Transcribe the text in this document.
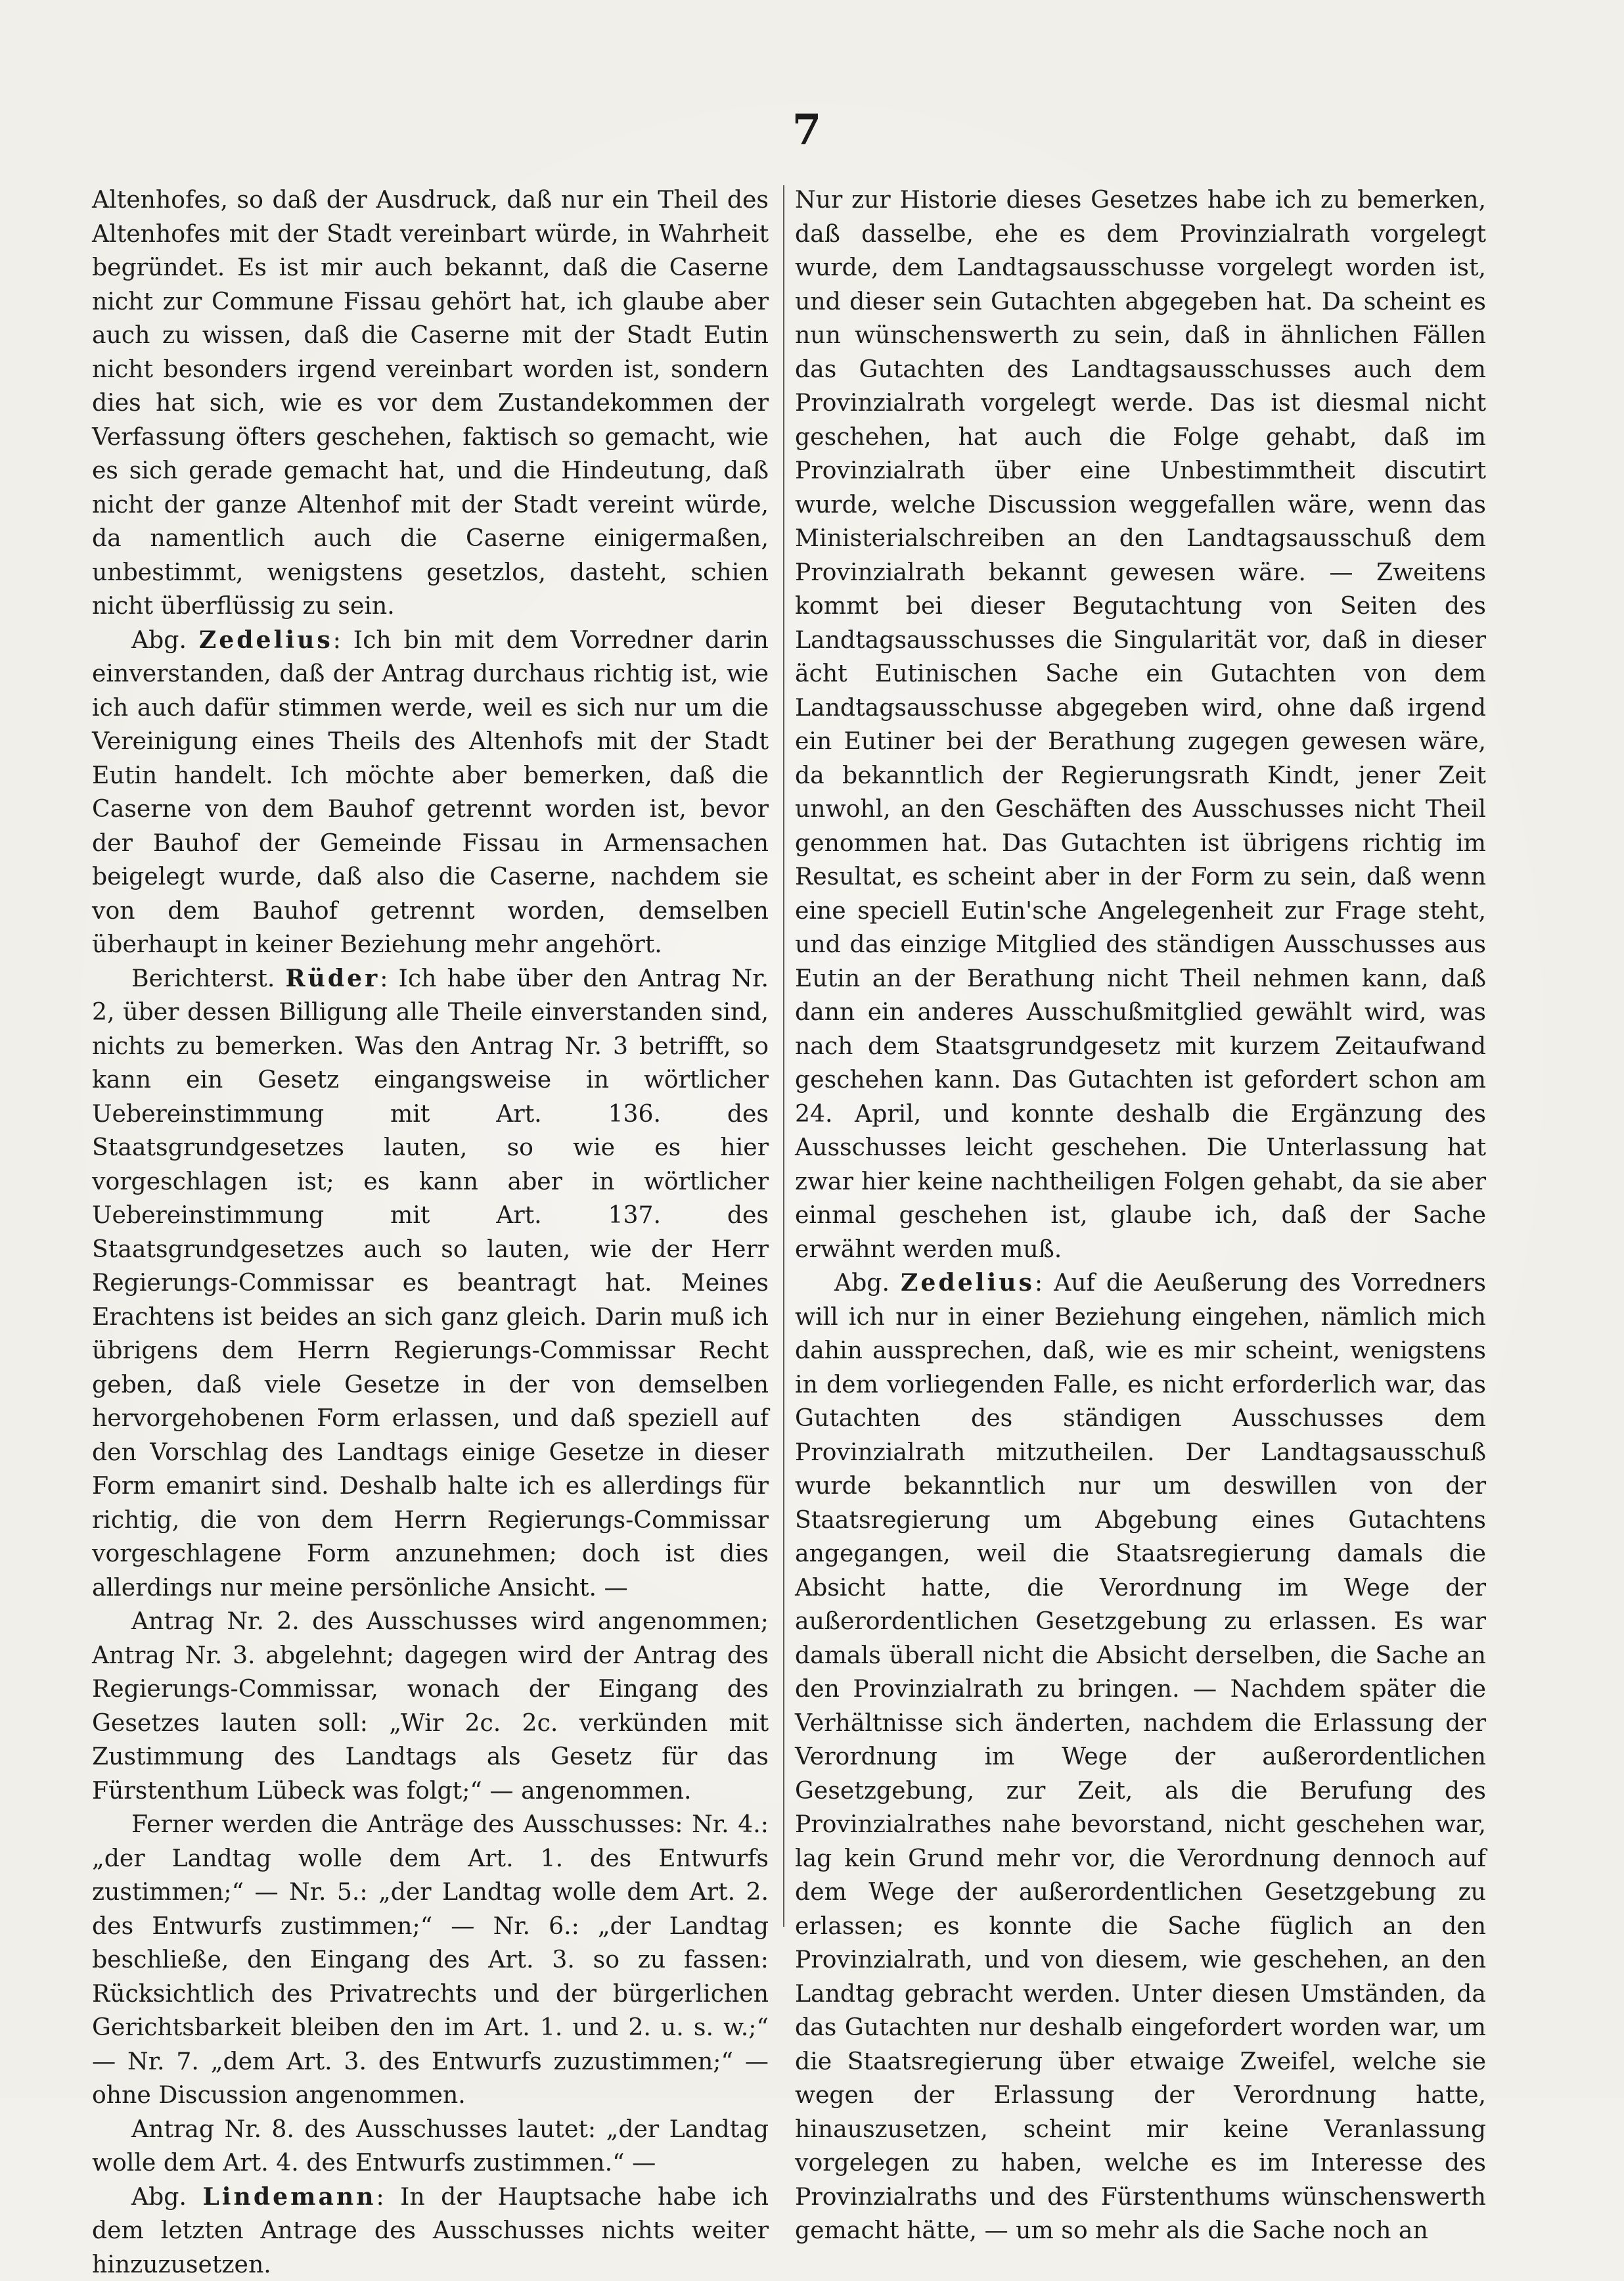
7

Altenhofes, so daß der Ausdruck, daß nur ein Theil des Altenhofes mit der Stadt vereinbart würde, in Wahrheit begründet. Es ist mir auch bekannt, daß die Caserne nicht zur Commune Fissau gehört hat, ich glaube aber auch zu wissen, daß die Caserne mit der Stadt Eutin nicht besonders irgend vereinbart worden ist, sondern dies hat sich, wie es vor dem Zustandekommen der Verfassung öfters geschehen, faktisch so gemacht, wie es sich gerade gemacht hat, und die Hindeutung, daß nicht der ganze Altenhof mit der Stadt vereint würde, da namentlich auch die Caserne einigermaßen, unbestimmt, wenigstens gesetzlos, dasteht, schien nicht überflüssig zu sein.

Abg. Zedelius: Ich bin mit dem Vorredner darin einverstanden, daß der Antrag durchaus richtig ist, wie ich auch dafür stimmen werde, weil es sich nur um die Vereinigung eines Theils des Altenhofs mit der Stadt Eutin handelt. Ich möchte aber bemerken, daß die Caserne von dem Bauhof getrennt worden ist, bevor der Bauhof der Gemeinde Fissau in Armensachen beigelegt wurde, daß also die Caserne, nachdem sie von dem Bauhof getrennt worden, demselben überhaupt in keiner Beziehung mehr angehört.

Berichterst. Rüder: Ich habe über den Antrag Nr. 2, über dessen Billigung alle Theile einverstanden sind, nichts zu bemerken. Was den Antrag Nr. 3 betrifft, so kann ein Gesetz eingangsweise in wörtlicher Uebereinstimmung mit Art. 136. des Staatsgrundgesetzes lauten, so wie es hier vorgeschlagen ist; es kann aber in wörtlicher Uebereinstimmung mit Art. 137. des Staatsgrundgesetzes auch so lauten, wie der Herr Regierungs-Commissar es beantragt hat. Meines Erachtens ist beides an sich ganz gleich. Darin muß ich übrigens dem Herrn Regierungs-Commissar Recht geben, daß viele Gesetze in der von demselben hervorgehobenen Form erlassen, und daß speziell auf den Vorschlag des Landtags einige Gesetze in dieser Form emanirt sind. Deshalb halte ich es allerdings für richtig, die von dem Herrn Regierungs-Commissar vorgeschlagene Form anzunehmen; doch ist dies allerdings nur meine persönliche Ansicht. —

Antrag Nr. 2. des Ausschusses wird angenommen; Antrag Nr. 3. abgelehnt; dagegen wird der Antrag des Regierungs-Commissar, wonach der Eingang des Gesetzes lauten soll: „Wir 2c. 2c. verkünden mit Zustimmung des Landtags als Gesetz für das Fürstenthum Lübeck was folgt;“ — angenommen.

Ferner werden die Anträge des Ausschusses: Nr. 4.: „der Landtag wolle dem Art. 1. des Entwurfs zustimmen;“ — Nr. 5.: „der Landtag wolle dem Art. 2. des Entwurfs zustimmen;“ — Nr. 6.: „der Landtag beschließe, den Eingang des Art. 3. so zu fassen: Rücksichtlich des Privatrechts und der bürgerlichen Gerichtsbarkeit bleiben den im Art. 1. und 2. u. s. w.;“ — Nr. 7. „dem Art. 3. des Entwurfs zuzustimmen;“ — ohne Discussion angenommen.

Antrag Nr. 8. des Ausschusses lautet: „der Landtag wolle dem Art. 4. des Entwurfs zustimmen.“ —

Abg. Lindemann: In der Hauptsache habe ich dem letzten Antrage des Ausschusses nichts weiter hinzuzusetzen.

Nur zur Historie dieses Gesetzes habe ich zu bemerken, daß dasselbe, ehe es dem Provinzialrath vorgelegt wurde, dem Landtagsausschusse vorgelegt worden ist, und dieser sein Gutachten abgegeben hat. Da scheint es nun wünschenswerth zu sein, daß in ähnlichen Fällen das Gutachten des Landtagsausschusses auch dem Provinzialrath vorgelegt werde. Das ist diesmal nicht geschehen, hat auch die Folge gehabt, daß im Provinzialrath über eine Unbestimmtheit discutirt wurde, welche Discussion weggefallen wäre, wenn das Ministerialschreiben an den Landtagsausschuß dem Provinzialrath bekannt gewesen wäre. — Zweitens kommt bei dieser Begutachtung von Seiten des Landtagsausschusses die Singularität vor, daß in dieser ächt Eutinischen Sache ein Gutachten von dem Landtagsausschusse abgegeben wird, ohne daß irgend ein Eutiner bei der Berathung zugegen gewesen wäre, da bekanntlich der Regierungsrath Kindt, jener Zeit unwohl, an den Geschäften des Ausschusses nicht Theil genommen hat. Das Gutachten ist übrigens richtig im Resultat, es scheint aber in der Form zu sein, daß wenn eine speciell Eutin'sche Angelegenheit zur Frage steht, und das einzige Mitglied des ständigen Ausschusses aus Eutin an der Berathung nicht Theil nehmen kann, daß dann ein anderes Ausschußmitglied gewählt wird, was nach dem Staatsgrundgesetz mit kurzem Zeitaufwand geschehen kann. Das Gutachten ist gefordert schon am 24. April, und konnte deshalb die Ergänzung des Ausschusses leicht geschehen. Die Unterlassung hat zwar hier keine nachtheiligen Folgen gehabt, da sie aber einmal geschehen ist, glaube ich, daß der Sache erwähnt werden muß.

Abg. Zedelius: Auf die Aeußerung des Vorredners will ich nur in einer Beziehung eingehen, nämlich mich dahin aussprechen, daß, wie es mir scheint, wenigstens in dem vorliegenden Falle, es nicht erforderlich war, das Gutachten des ständigen Ausschusses dem Provinzialrath mitzutheilen. Der Landtagsausschuß wurde bekanntlich nur um deswillen von der Staatsregierung um Abgebung eines Gutachtens angegangen, weil die Staatsregierung damals die Absicht hatte, die Verordnung im Wege der außerordentlichen Gesetzgebung zu erlassen. Es war damals überall nicht die Absicht derselben, die Sache an den Provinzialrath zu bringen. — Nachdem später die Verhältnisse sich änderten, nachdem die Erlassung der Verordnung im Wege der außerordentlichen Gesetzgebung, zur Zeit, als die Berufung des Provinzialrathes nahe bevorstand, nicht geschehen war, lag kein Grund mehr vor, die Verordnung dennoch auf dem Wege der außerordentlichen Gesetzgebung zu erlassen; es konnte die Sache füglich an den Provinzialrath, und von diesem, wie geschehen, an den Landtag gebracht werden. Unter diesen Umständen, da das Gutachten nur deshalb eingefordert worden war, um die Staatsregierung über etwaige Zweifel, welche sie wegen der Erlassung der Verordnung hatte, hinauszusetzen, scheint mir keine Veranlassung vorgelegen zu haben, welche es im Interesse des Provinzialraths und des Fürstenthums wünschenswerth gemacht hätte, — um so mehr als die Sache noch an
